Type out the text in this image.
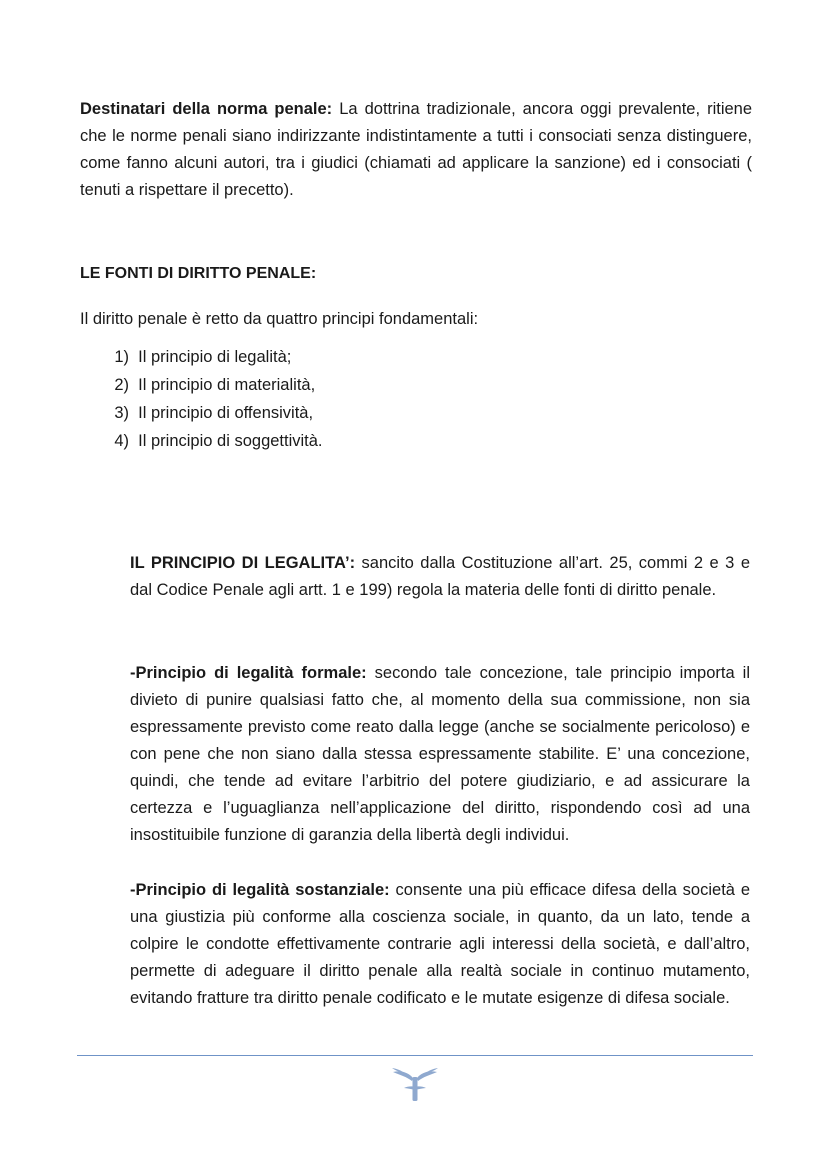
Destinatari della norma penale: La dottrina tradizionale, ancora oggi prevalente, ritiene che le norme penali siano indirizzante indistintamente a tutti i consociati senza distinguere, come fanno alcuni autori, tra i giudici (chiamati ad applicare la sanzione) ed i consociati ( tenuti a rispettare il precetto).

LE FONTI DI DIRITTO PENALE:

Il diritto penale è retto da quattro principi fondamentali:

1) Il principio di legalità;
2) Il principio di materialità,
3) Il principio di offensività,
4) Il principio di soggettività.

IL PRINCIPIO DI LEGALITA’: sancito dalla Costituzione all’art. 25, commi 2 e 3 e dal Codice Penale agli artt. 1 e 199) regola la materia delle fonti di diritto penale.

-Principio di legalità formale: secondo tale concezione, tale principio importa il divieto di punire qualsiasi fatto che, al momento della sua commissione, non sia espressamente previsto come reato dalla legge (anche se socialmente pericoloso) e con pene che non siano dalla stessa espressamente stabilite. E’ una concezione, quindi, che tende ad evitare l’arbitrio del potere giudiziario, e ad assicurare la certezza e l’uguaglianza nell’applicazione del diritto, rispondendo così ad una insostituibile funzione di garanzia della libertà degli individui.

-Principio di legalità sostanziale: consente una più efficace difesa della società e una giustizia più conforme alla coscienza sociale, in quanto, da un lato, tende a colpire le condotte effettivamente contrarie agli interessi della società, e dall’altro, permette di adeguare il diritto penale alla realtà sociale in continuo mutamento, evitando fratture tra diritto penale codificato e le mutate esigenze di difesa sociale.
